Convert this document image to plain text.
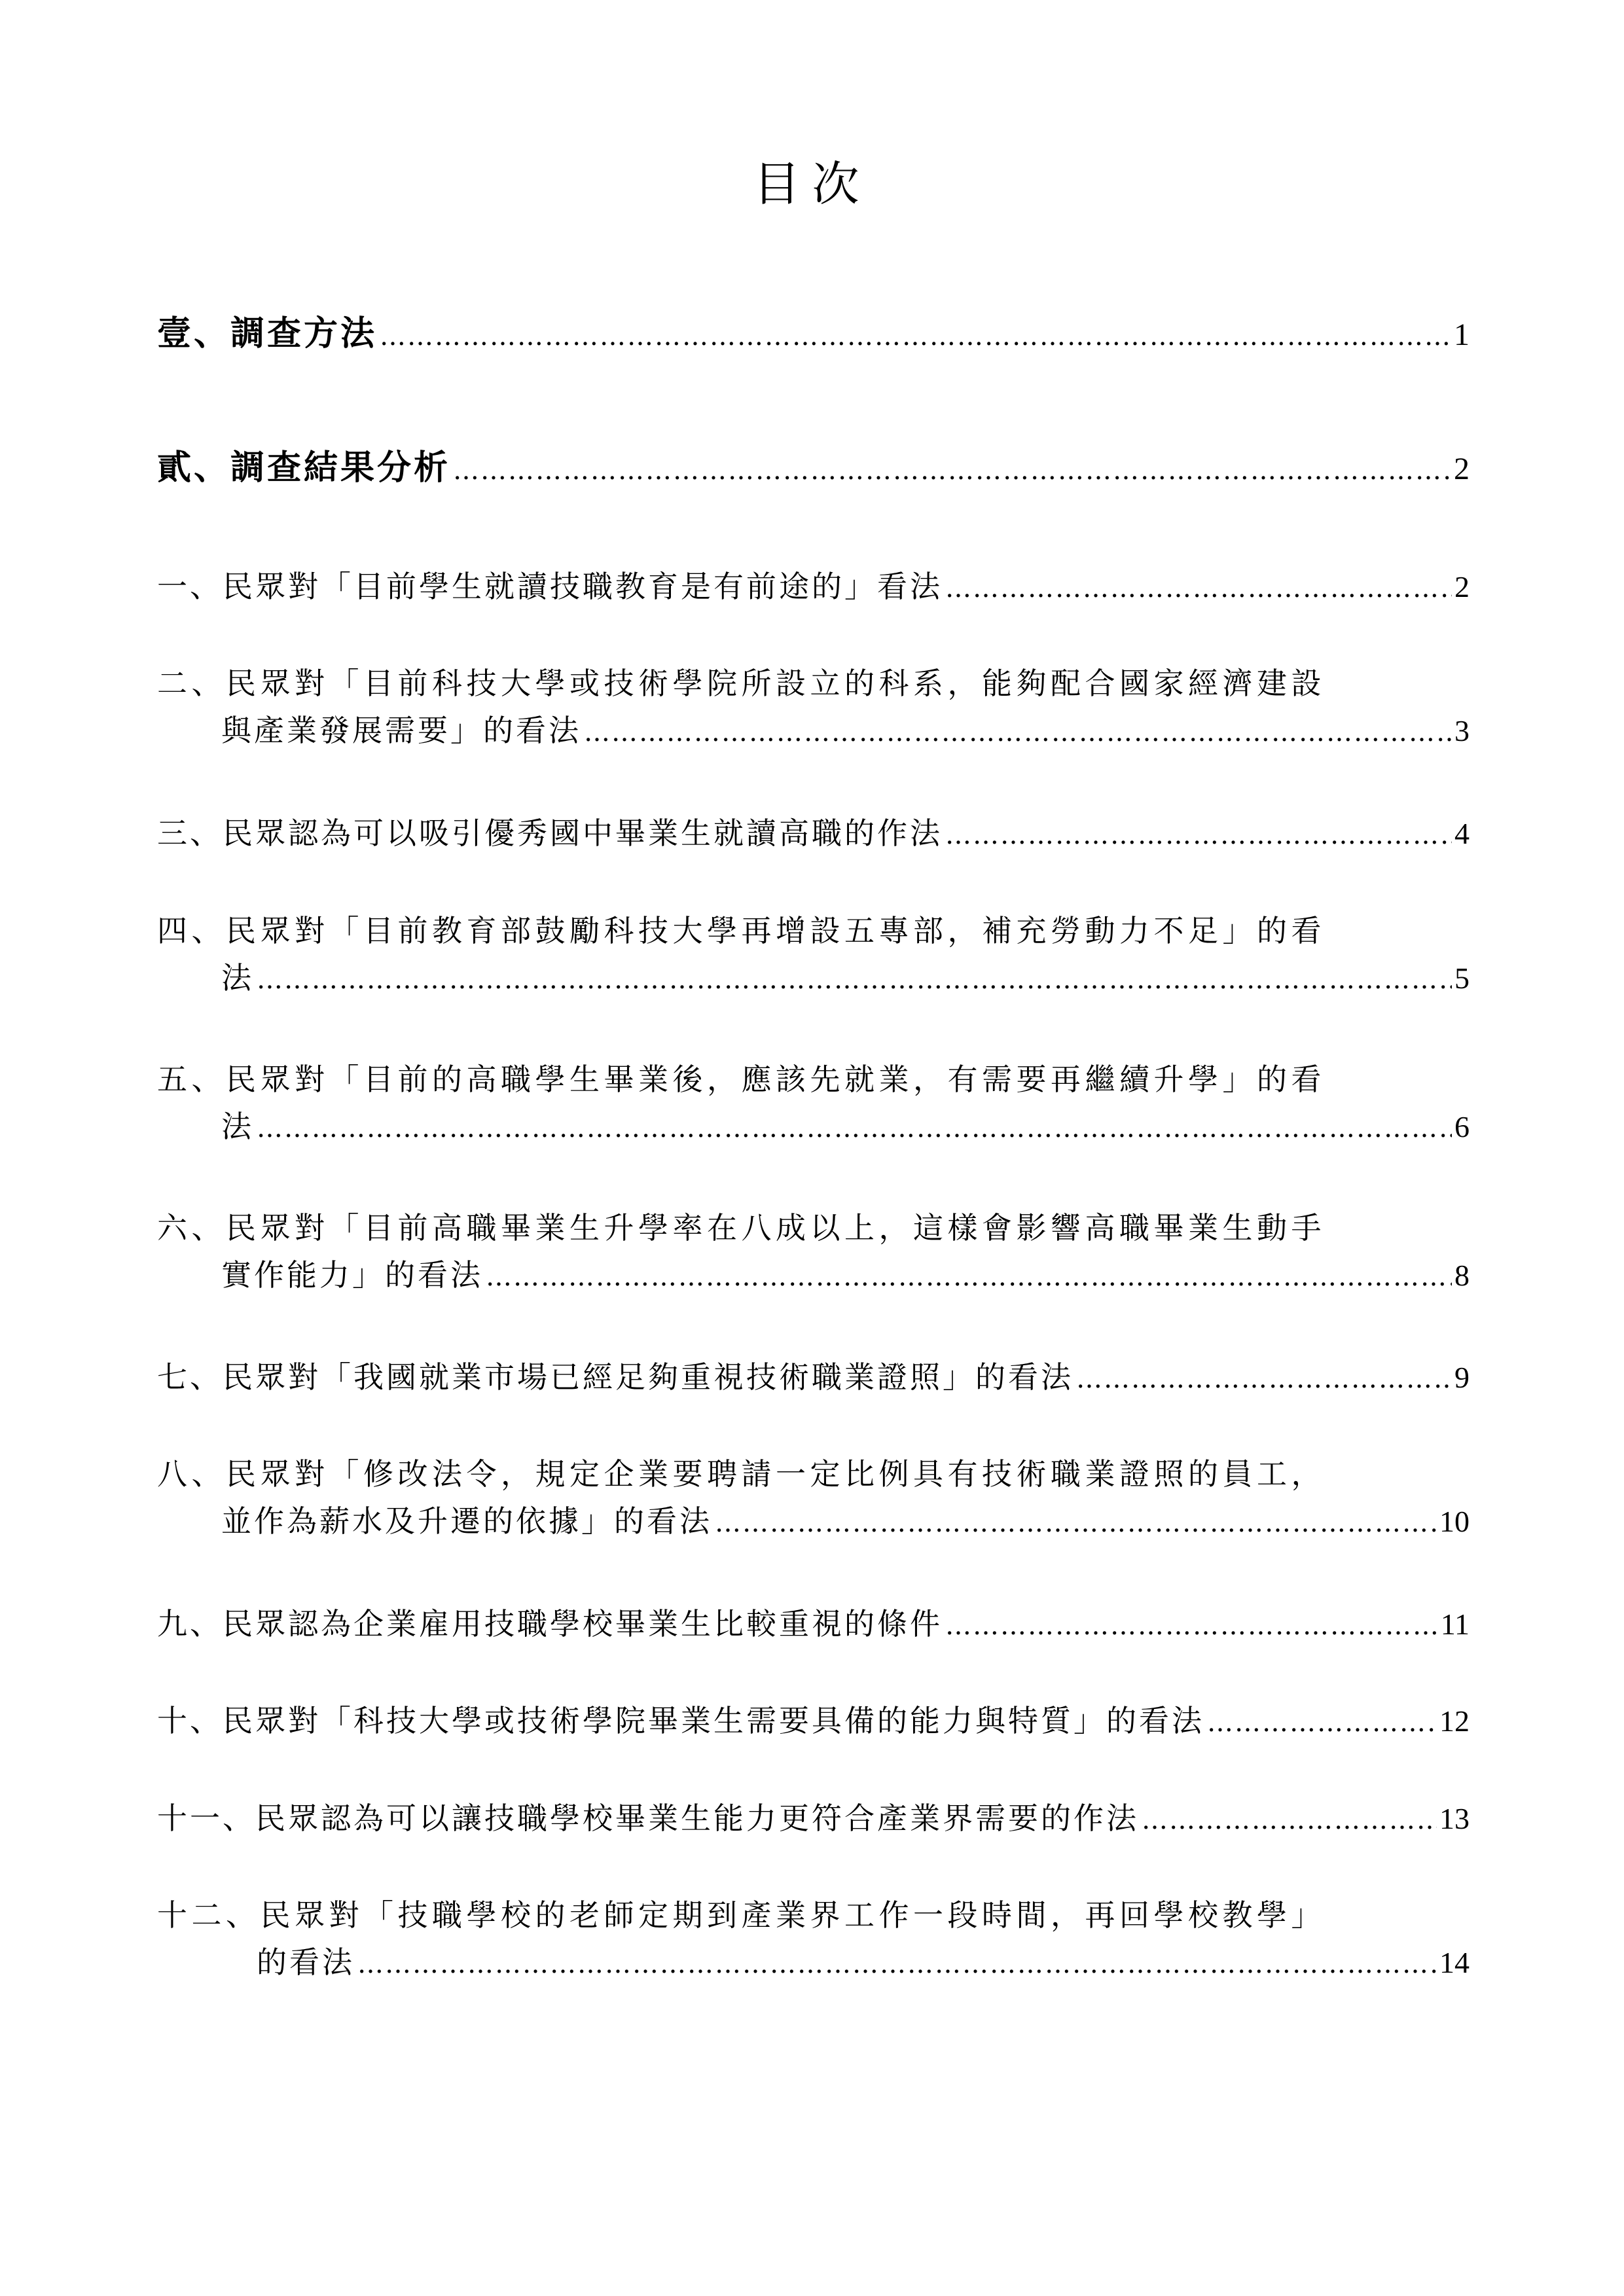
目次
壹、調查方法 …………………………………………………………………………………………………………………………………………	1
貳、調查結果分析 …………………………………………………………………………………………………………………………………………	2
一、民眾對「目前學生就讀技職教育是有前途的」看法 …………………………………………………………………………………………………………………………………………	2
二、民眾對「目前科技大學或技術學院所設立的科系，能夠配合國家經濟建設
與產業發展需要」的看法 …………………………………………………………………………………………………………………………………………	3
三、民眾認為可以吸引優秀國中畢業生就讀高職的作法 …………………………………………………………………………………………………………………………………………	4
四、民眾對「目前教育部鼓勵科技大學再增設五專部，補充勞動力不足」的看
法 …………………………………………………………………………………………………………………………………………	5
五、民眾對「目前的高職學生畢業後，應該先就業，有需要再繼續升學」的看
法 …………………………………………………………………………………………………………………………………………	6
六、民眾對「目前高職畢業生升學率在八成以上，這樣會影響高職畢業生動手
實作能力」的看法 …………………………………………………………………………………………………………………………………………	8
七、民眾對「我國就業市場已經足夠重視技術職業證照」的看法 …………………………………………………………………………………………………………………………………………	9
八、民眾對「修改法令，規定企業要聘請一定比例具有技術職業證照的員工，
並作為薪水及升遷的依據」的看法 …………………………………………………………………………………………………………………………………………	10
九、民眾認為企業雇用技職學校畢業生比較重視的條件 …………………………………………………………………………………………………………………………………………	11
十、民眾對「科技大學或技術學院畢業生需要具備的能力與特質」的看法 …………………………………………………………………………………………………………………………………………	12
十一、民眾認為可以讓技職學校畢業生能力更符合產業界需要的作法 …………………………………………………………………………………………………………………………………………	13
十二、民眾對「技職學校的老師定期到產業界工作一段時間，再回學校教學」
的看法 …………………………………………………………………………………………………………………………………………	14
